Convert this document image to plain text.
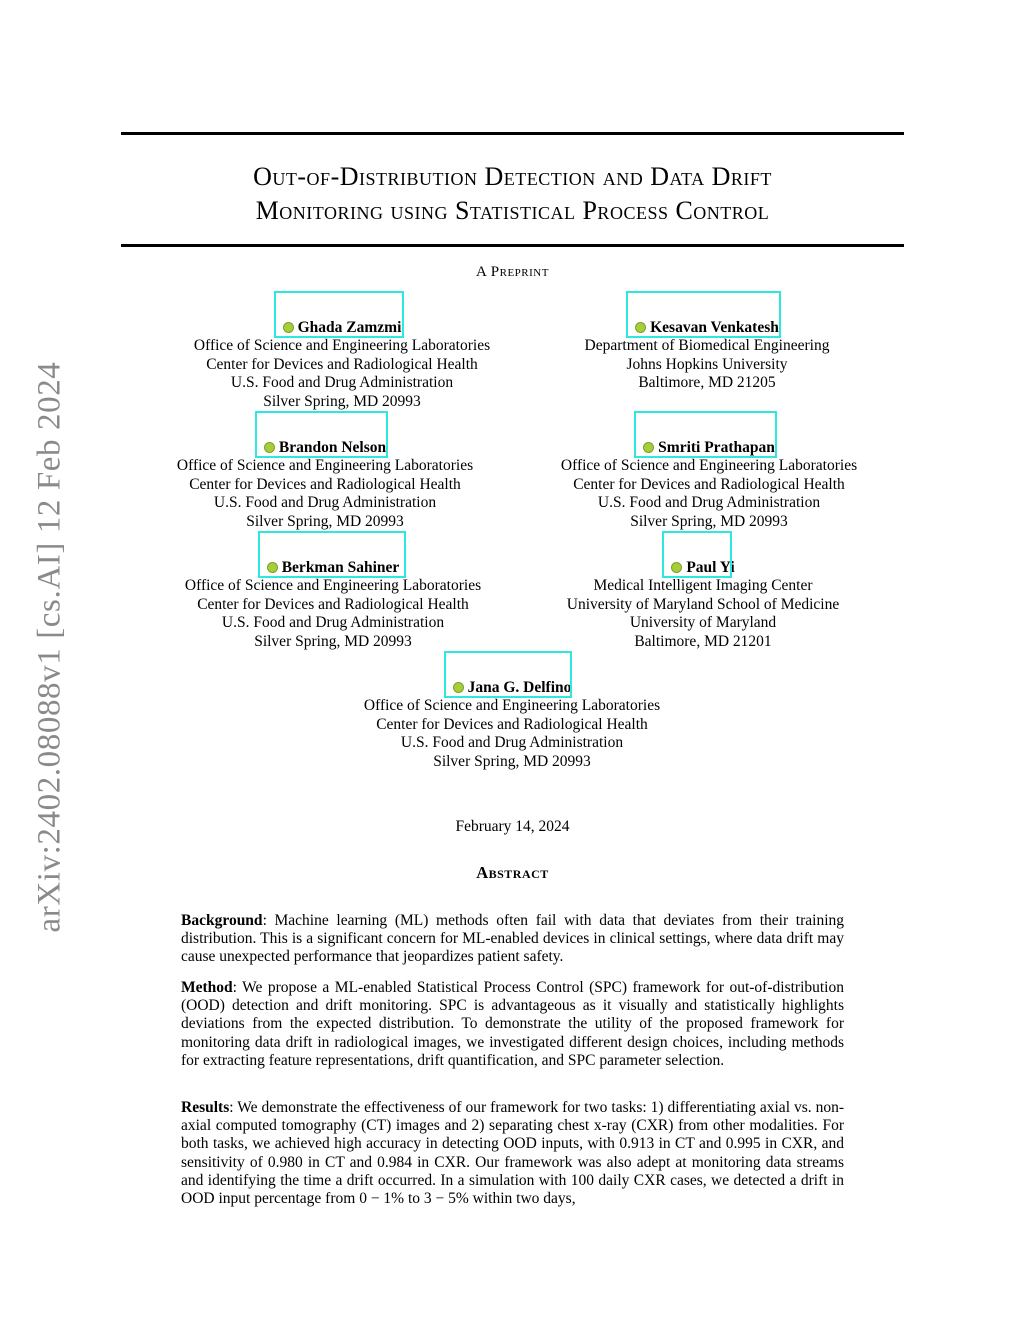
arXiv:2402.08088v1 [cs.AI] 12 Feb 2024
Out-of-Distribution Detection and Data Drift
Monitoring using Statistical Process Control
A Preprint
Ghada Zamzmi
Office of Science and Engineering Laboratories
Center for Devices and Radiological Health
U.S. Food and Drug Administration
Silver Spring, MD 20993
Kesavan Venkatesh
Department of Biomedical Engineering
Johns Hopkins University
Baltimore, MD 21205
Brandon Nelson
Office of Science and Engineering Laboratories
Center for Devices and Radiological Health
U.S. Food and Drug Administration
Silver Spring, MD 20993
Smriti Prathapan
Office of Science and Engineering Laboratories
Center for Devices and Radiological Health
U.S. Food and Drug Administration
Silver Spring, MD 20993
Berkman Sahiner
Office of Science and Engineering Laboratories
Center for Devices and Radiological Health
U.S. Food and Drug Administration
Silver Spring, MD 20993
Paul Yi
Medical Intelligent Imaging Center
University of Maryland School of Medicine
University of Maryland
Baltimore, MD 21201
Jana G. Delfino
Office of Science and Engineering Laboratories
Center for Devices and Radiological Health
U.S. Food and Drug Administration
Silver Spring, MD 20993
February 14, 2024
Abstract
Background: Machine learning (ML) methods often fail with data that deviates from their training distribution. This is a significant concern for ML-enabled devices in clinical settings, where data drift may cause unexpected performance that jeopardizes patient safety.
Method: We propose a ML-enabled Statistical Process Control (SPC) framework for out-of-distribution (OOD) detection and drift monitoring. SPC is advantageous as it visually and statistically highlights deviations from the expected distribution. To demonstrate the utility of the proposed framework for monitoring data drift in radiological images, we investigated different design choices, including methods for extracting feature representations, drift quantification, and SPC parameter selection.
Results: We demonstrate the effectiveness of our framework for two tasks: 1) differentiating axial vs. non-axial computed tomography (CT) images and 2) separating chest x-ray (CXR) from other modalities. For both tasks, we achieved high accuracy in detecting OOD inputs, with 0.913 in CT and 0.995 in CXR, and sensitivity of 0.980 in CT and 0.984 in CXR. Our framework was also adept at monitoring data streams and identifying the time a drift occurred. In a simulation with 100 daily CXR cases, we detected a drift in OOD input percentage from 0 − 1% to 3 − 5% within two days,
